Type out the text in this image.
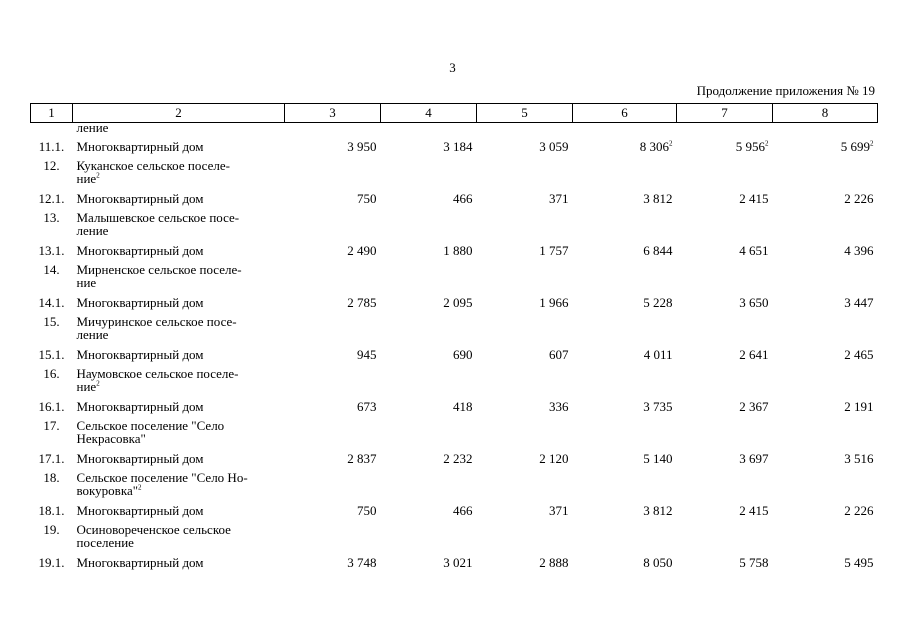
3
Продолжение приложения № 19
1	2	3	4	5	6	7	8
	ление						
11.1.	Многоквартирный дом	3 950	3 184	3 059	8 $306^2$	5 $956^2$	5 $699^2$
12.	Куканское сельское поселе-
ние$^2$

12.1.	Многоквартирный дом	750	466	371	3 812	2 415	2 226
13.	Малышевское сельское посе-
ление						

13.1.	Многоквартирный дом	2 490	1 880	1 757	6 844	4 651	4 396
14.	Мирненское сельское поселе-
ние						

14.1.	Многоквартирный дом	2 785	2 095	1 966	5 228	3 650	3 447
15.	Мичуринское сельское посе-
ление						

15.1.	Многоквартирный дом	945	690	607	4 011	2 641	2 465
16.	Наумовское сельское поселе-
ние$^2$

16.1.	Многоквартирный дом	673	418	336	3 735	2 367	2 191
17.	Сельское поселение "Село
Некрасовка"						

17.1.	Многоквартирный дом	2 837	2 232	2 120	5 140	3 697	3 516
18.	Сельское поселение "Село Но-
вокуровка"$^2$

18.1.	Многоквартирный дом	750	466	371	3 812	2 415	2 226
19.	Осиновореченское сельское
поселение						

19.1.	Многоквартирный дом	3 748	3 021	2 888	8 050	5 758	5 495
